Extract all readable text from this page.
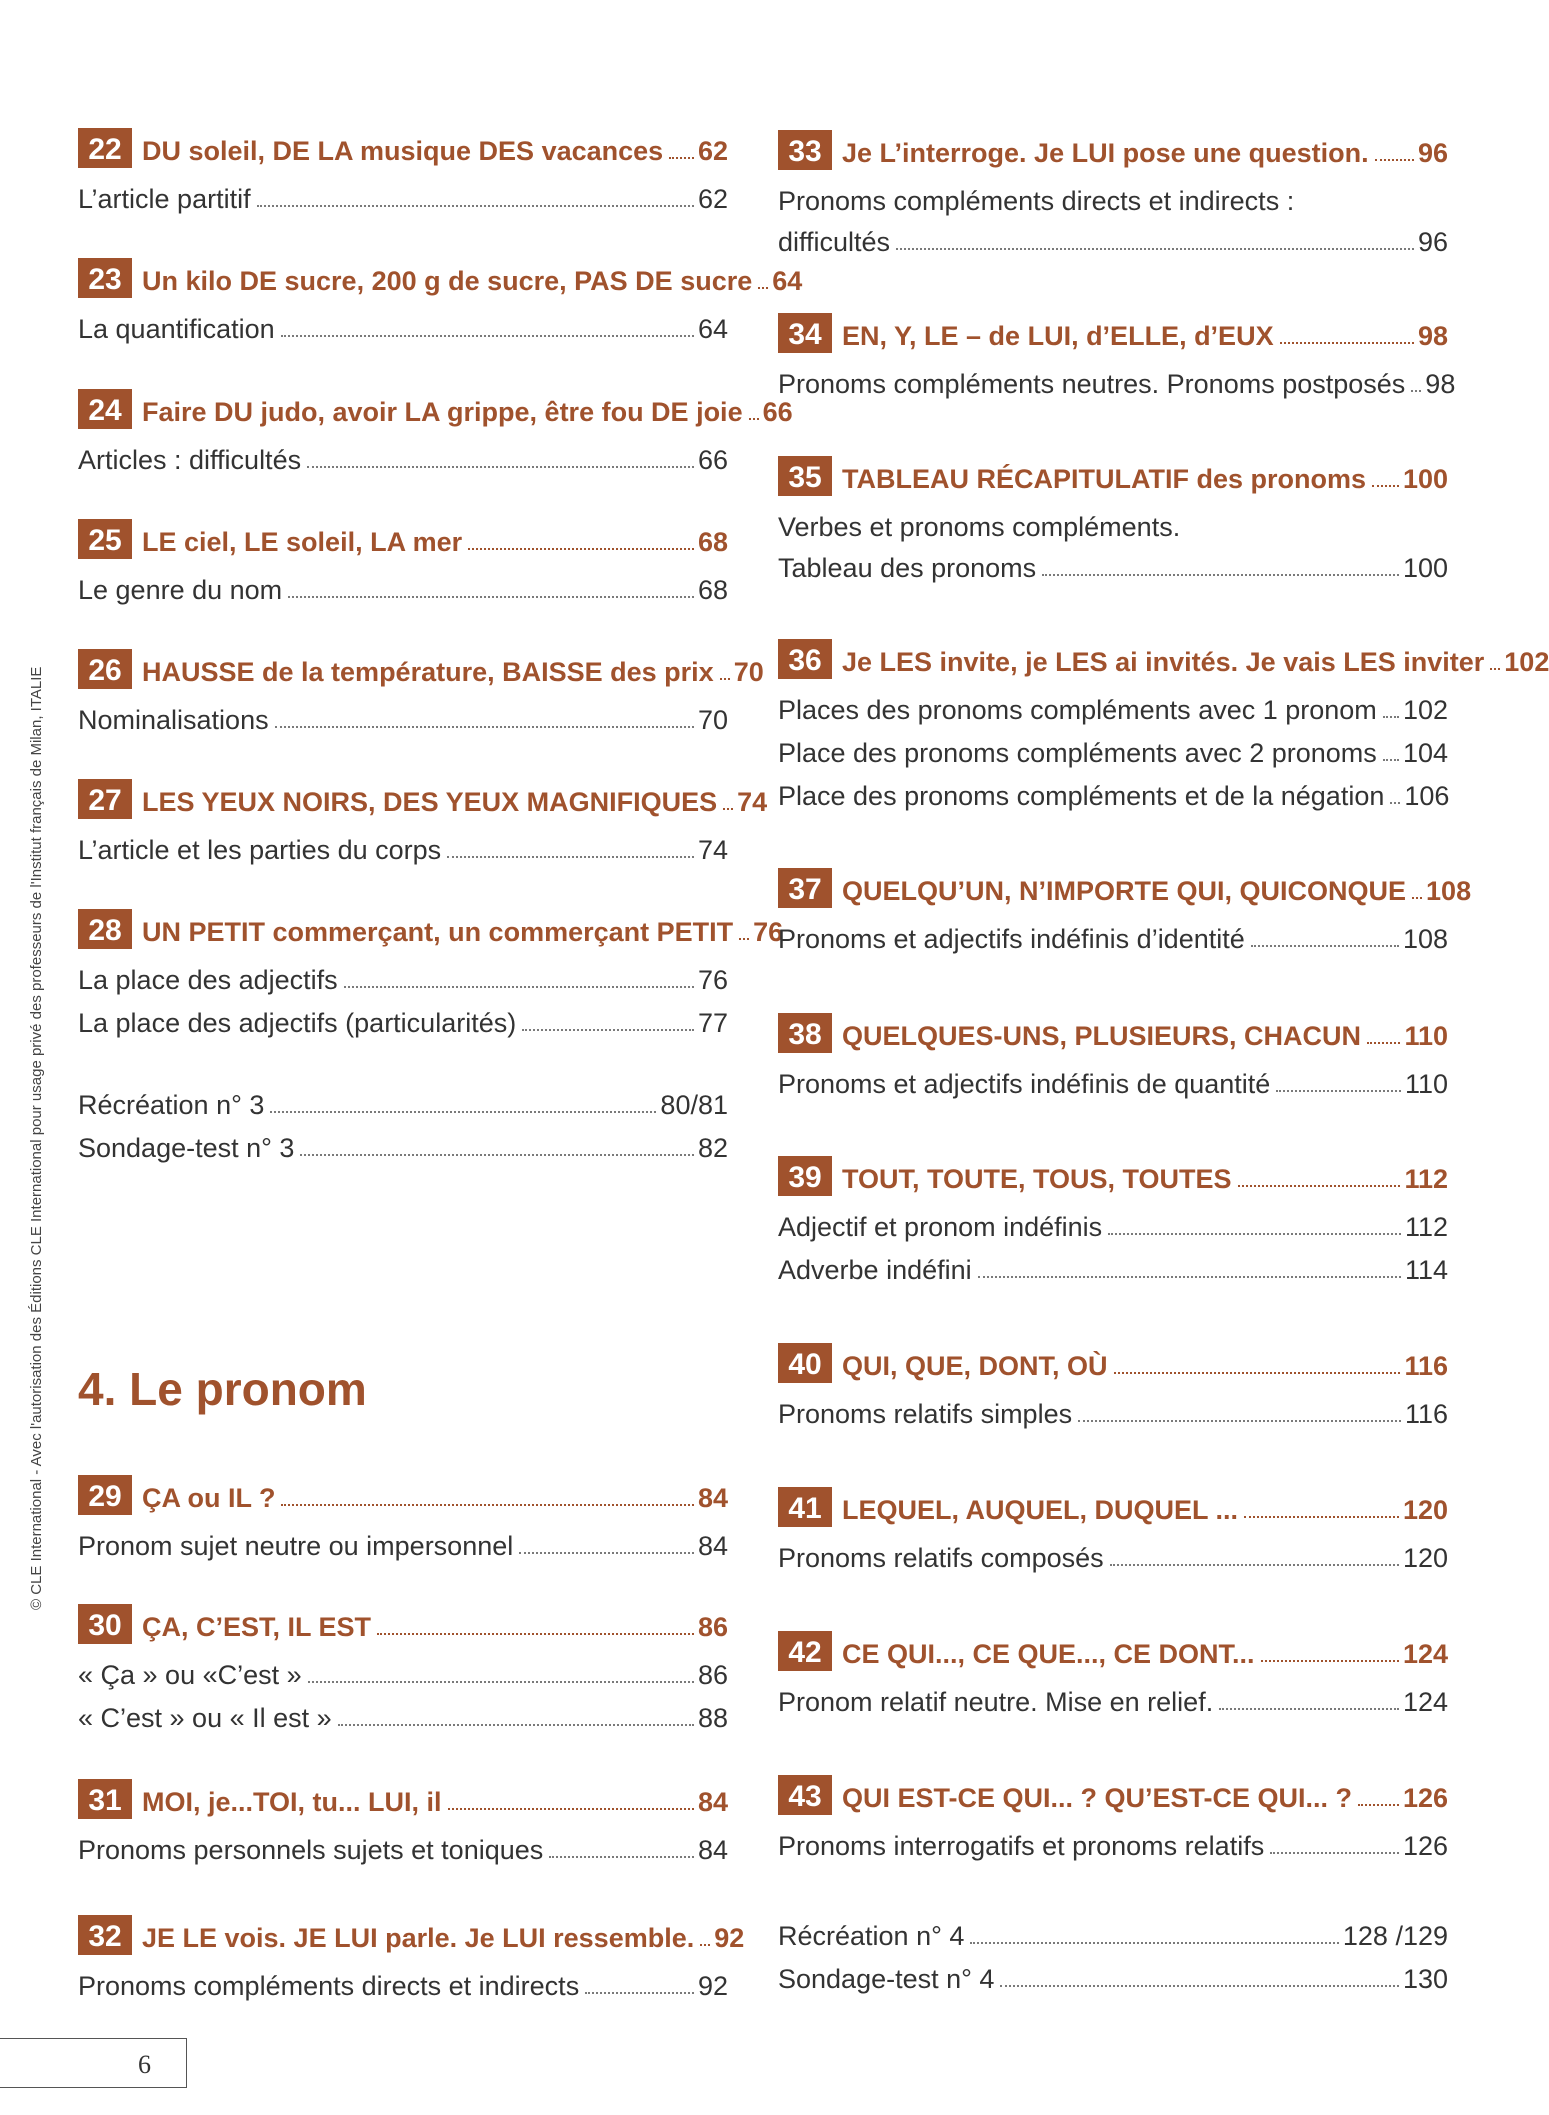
© CLE International - Avec l'autorisation des Éditions CLE International pour usage privé des professeurs de l'Institut français de Milan, ITALIE
22 DU soleil, DE LA musique DES vacances 62
L’article partitif	62
23 Un kilo DE sucre, 200 g de sucre, PAS DE sucre 64
La quantification	64
24 Faire DU judo, avoir LA grippe, être fou DE joie 66
Articles : difficultés	66
25 LE ciel, LE soleil, LA mer	68
Le genre du nom	68
26 HAUSSE de la température, BAISSE des prix 70
Nominalisations	70
27 LES YEUX NOIRS, DES YEUX MAGNIFIQUES 74
L’article et les parties du corps	74
28 UN PETIT commerçant, un commerçant PETIT 76
La place des adjectifs	76
La place des adjectifs (particularités)	77
Récréation n° 3	80/81
Sondage-test n° 3	82
29 ÇA ou IL ?	84
Pronom sujet neutre ou impersonnel	84
30 ÇA, C’EST, IL EST	86
« Ça » ou «C’est »	86
« C’est » ou « Il est »	88
31 MOI, je...TOI, tu... LUI, il	84
Pronoms personnels sujets et toniques	84
32 JE LE vois. JE LUI parle. Je LUI ressemble. 92
Pronoms compléments directs et indirects	92
4. Le pronom
33 Je L’interroge. Je LUI pose une question. 96
Pronoms compléments directs et indirects :
difficultés	96
34 EN, Y, LE – de LUI, d’ELLE, d’EUX	98
Pronoms compléments neutres. Pronoms postposés 98
35 TABLEAU RÉCAPITULATIF des pronoms 100
Verbes et pronoms compléments.
Tableau des pronoms	100
36 Je LES invite, je LES ai invités. Je vais LES inviter 102
Places des pronoms compléments avec 1 pronom 102
Place des pronoms compléments avec 2 pronoms 104
Place des pronoms compléments et de la négation 106
37 QUELQU’UN, N’IMPORTE QUI, QUICONQUE 108
Pronoms et adjectifs indéfinis d’identité	108
38 QUELQUES-UNS, PLUSIEURS, CHACUN 110
Pronoms et adjectifs indéfinis de quantité	110
39 TOUT, TOUTE, TOUS, TOUTES	112
Adjectif et pronom indéfinis	112
Adverbe indéfini	114
40 QUI, QUE, DONT, OÙ	116
Pronoms relatifs simples	116
41 LEQUEL, AUQUEL, DUQUEL ...	120
Pronoms relatifs composés	120
42 CE QUI..., CE QUE..., CE DONT...	124
Pronom relatif neutre. Mise en relief.	124
43 QUI EST-CE QUI... ? QU’EST-CE QUI... ? 126
Pronoms interrogatifs et pronoms relatifs	126
Récréation n° 4	128 /129
Sondage-test n° 4	130
6
